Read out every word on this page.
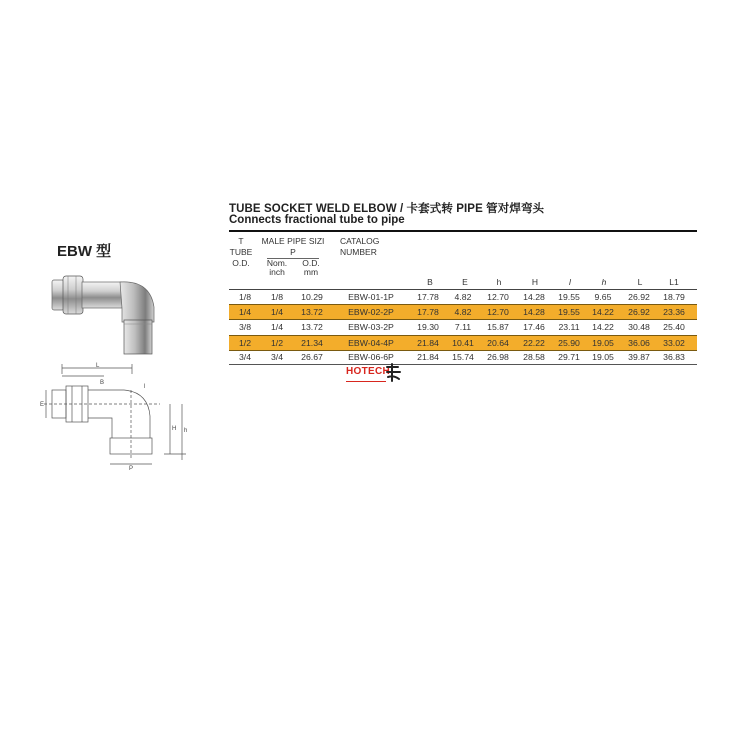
TUBE SOCKET WELD ELBOW / 卡套式转 PIPE 管对焊弯头
Connects fractional tube to pipe
EBW 型
L
E
B
H h
P
l
T
TUBE
O.D.
MALE PIPE SIZI
P
Nom.
inch
O.D.
mm
CATALOG
NUMBER
B	E	h	H	l	h	L	L1
1/8	1/8	10.29	EBW-01-1P	17.78	4.82	12.70	14.28	19.55	9.65	26.92	18.79
1/4	1/4	13.72	EBW-02-2P	17.78	4.82	12.70	14.28	19.55	14.22	26.92	23.36
3/8	1/4	13.72	EBW-03-2P	19.30	7.11	15.87	17.46	23.11	14.22	30.48	25.40
1/2	1/2	21.34	EBW-04-4P	21.84	10.41	20.64	22.22	25.90	19.05	36.06	33.02
3/4	3/4	26.67	EBW-06-6P	21.84	15.74	26.98	28.58	29.71	19.05	39.87	36.83
HOTECH
